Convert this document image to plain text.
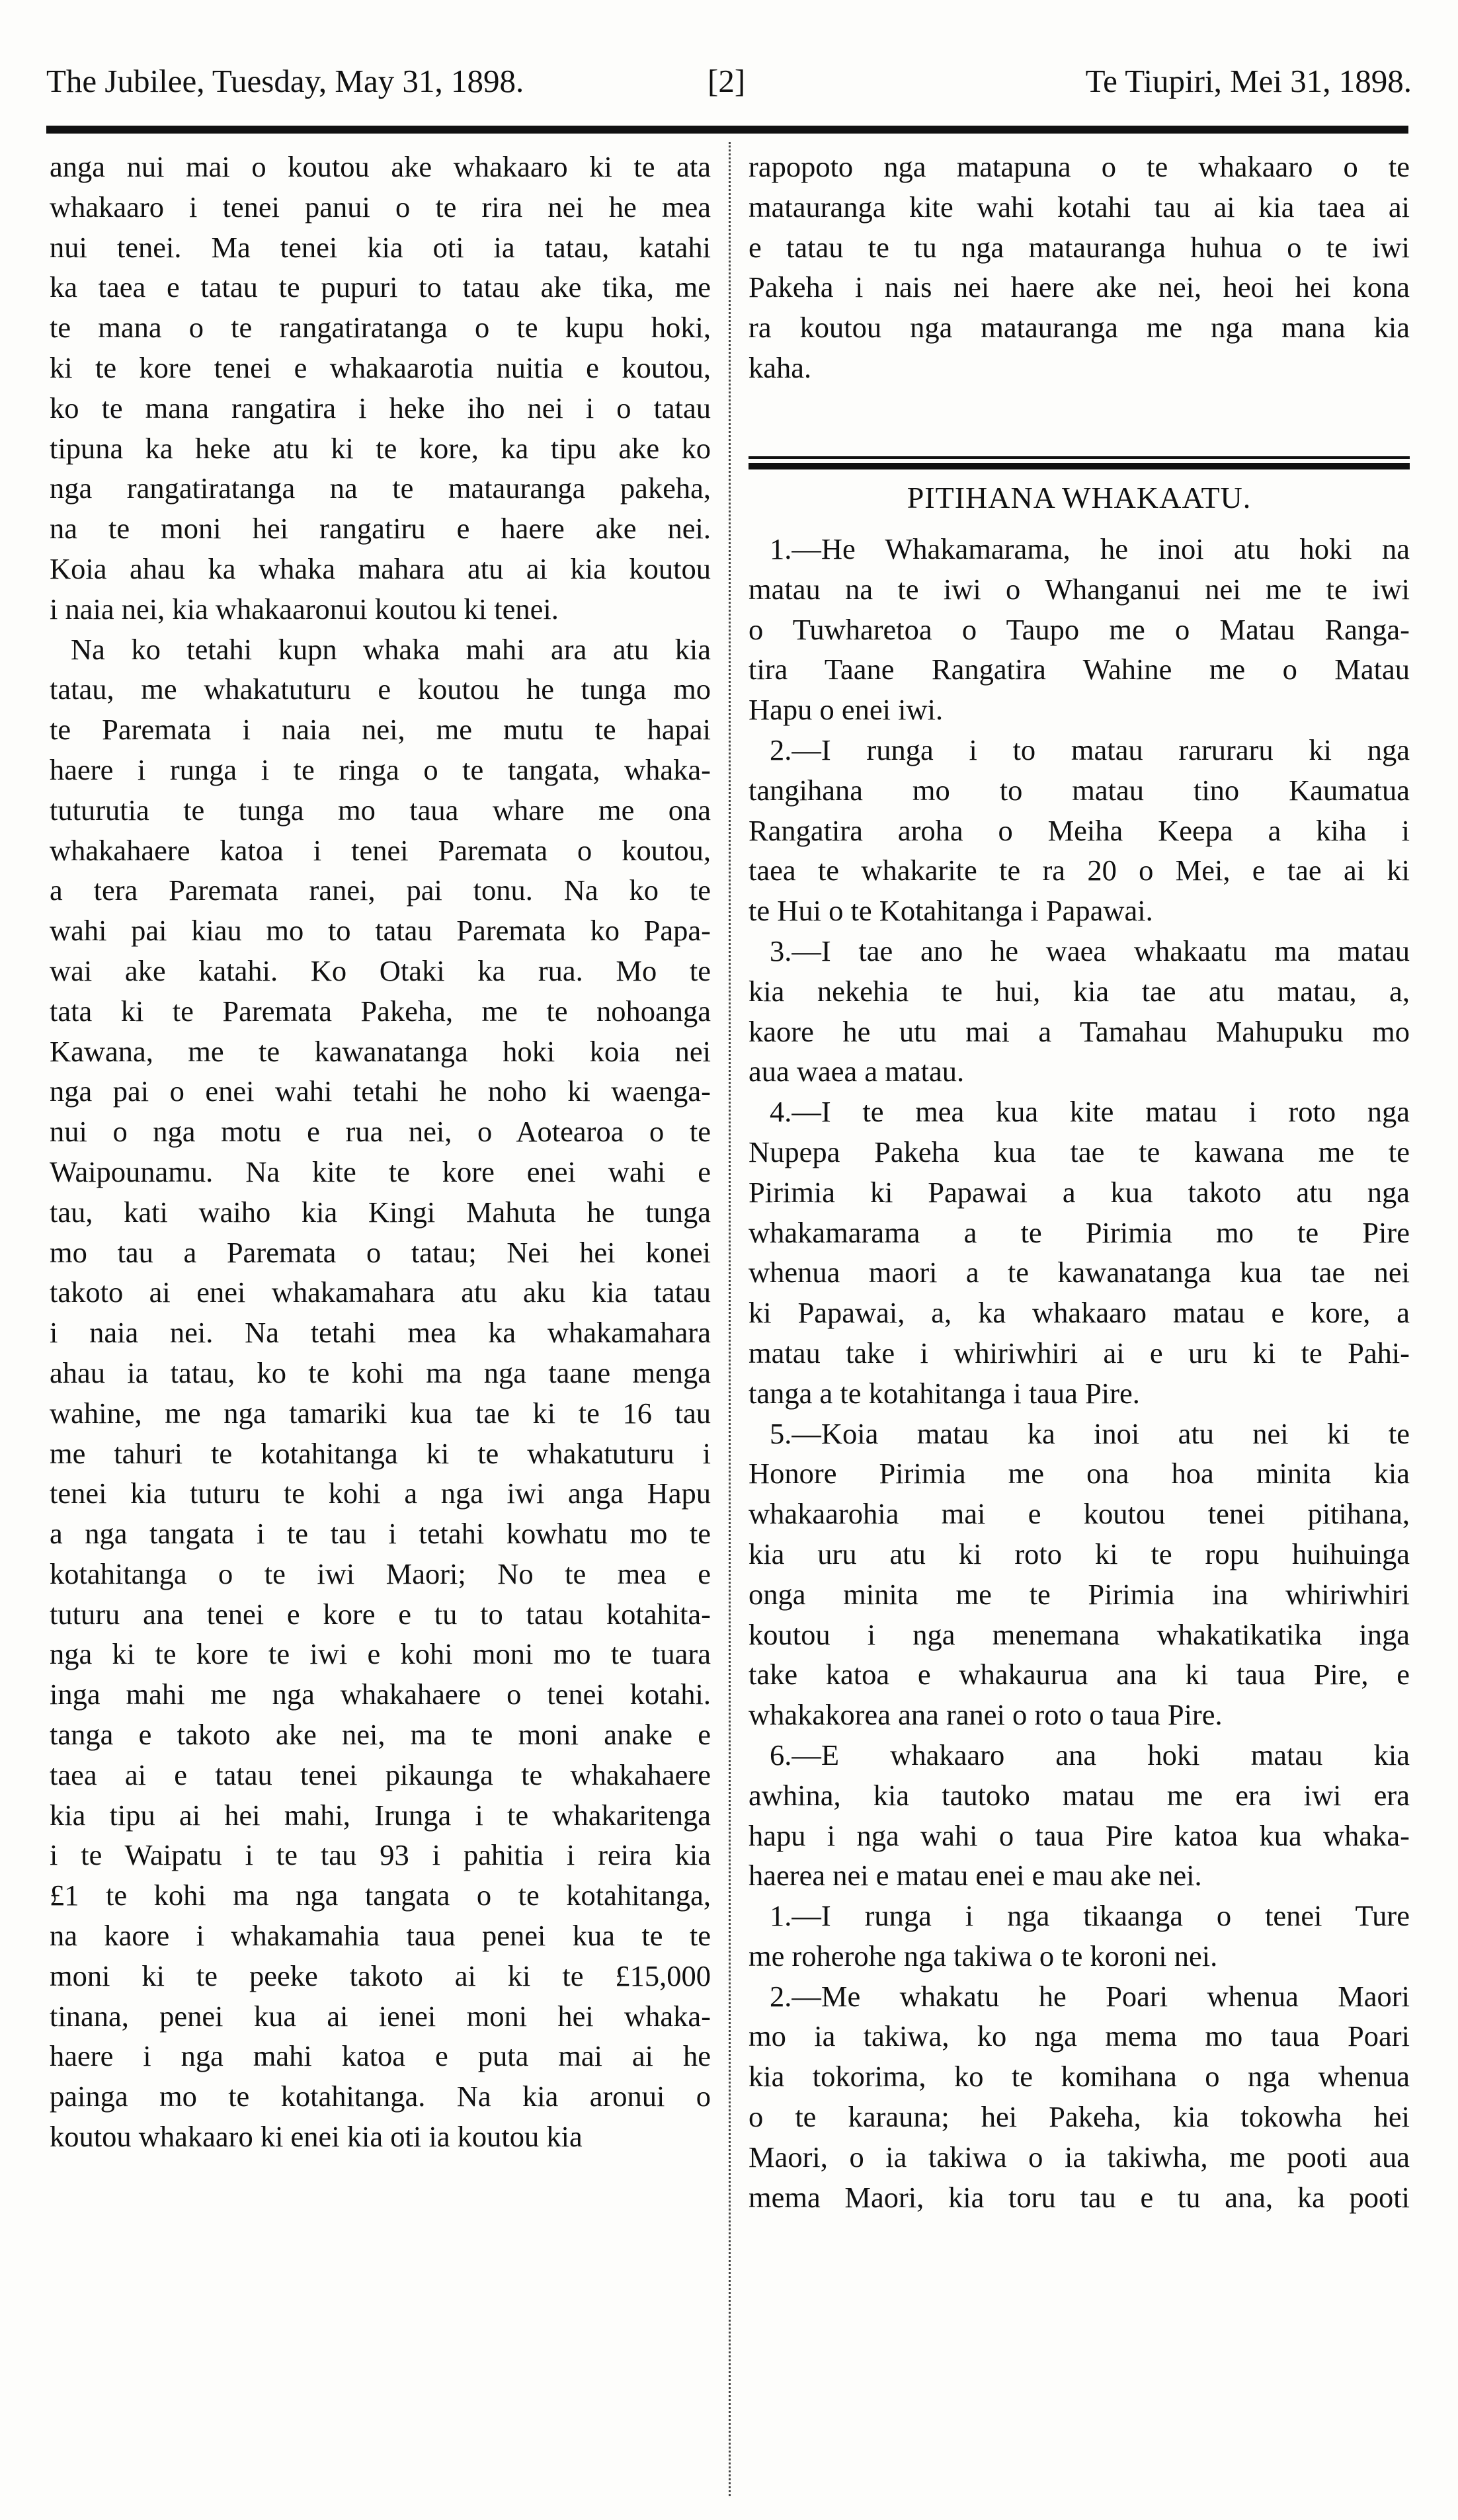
The Jubilee, Tuesday, May 31, 1898.	[2]	Te Tiupiri, Mei 31, 1898.
anga nui mai o koutou ake whakaaro ki te ata
whakaaro i tenei panui o te rira nei he mea
nui tenei. Ma tenei kia oti ia tatau, katahi
ka taea e tatau te pupuri to tatau ake tika, me
te mana o te rangatiratanga o te kupu hoki,
ki te kore tenei e whakaarotia nuitia e koutou,
ko te mana rangatira i heke iho nei i o tatau
tipuna ka heke atu ki te kore, ka tipu ake ko
nga rangatiratanga na te matauranga pakeha,
na te moni hei rangatiru e haere ake nei.
Koia ahau ka whaka mahara atu ai kia koutou
i naia nei, kia whakaaronui koutou ki tenei.
Na ko tetahi kupn whaka mahi ara atu kia
tatau, me whakatuturu e koutou he tunga mo
te Paremata i naia nei, me mutu te hapai
haere i runga i te ringa o te tangata, whaka-
tuturutia te tunga mo taua whare me ona
whakahaere katoa i tenei Paremata o koutou,
a tera Paremata ranei, pai tonu. Na ko te
wahi pai kiau mo to tatau Paremata ko Papa-
wai ake katahi. Ko Otaki ka rua. Mo te
tata ki te Paremata Pakeha, me te nohoanga
Kawana, me te kawanatanga hoki koia nei
nga pai o enei wahi tetahi he noho ki waenga-
nui o nga motu e rua nei, o Aotearoa o te
Waipounamu. Na kite te kore enei wahi e
tau, kati waiho kia Kingi Mahuta he tunga
mo tau a Paremata o tatau; Nei hei konei
takoto ai enei whakamahara atu aku kia tatau
i naia nei. Na tetahi mea ka whakamahara
ahau ia tatau, ko te kohi ma nga taane menga
wahine, me nga tamariki kua tae ki te 16 tau
me tahuri te kotahitanga ki te whakatuturu i
tenei kia tuturu te kohi a nga iwi anga Hapu
a nga tangata i te tau i tetahi kowhatu mo te
kotahitanga o te iwi Maori; No te mea e
tuturu ana tenei e kore e tu to tatau kotahita-
nga ki te kore te iwi e kohi moni mo te tuara
inga mahi me nga whakahaere o tenei kotahi.
tanga e takoto ake nei, ma te moni anake e
taea ai e tatau tenei pikaunga te whakahaere
kia tipu ai hei mahi, Irunga i te whakaritenga
i te Waipatu i te tau 93 i pahitia i reira kia
£1 te kohi ma nga tangata o te kotahitanga,
na kaore i whakamahia taua penei kua te te
moni ki te peeke takoto ai ki te £15,000
tinana, penei kua ai ienei moni hei whaka-
haere i nga mahi katoa e puta mai ai he
painga mo te kotahitanga. Na kia aronui o
koutou whakaaro ki enei kia oti ia koutou kia
rapopoto nga matapuna o te whakaaro o te
matauranga kite wahi kotahi tau ai kia taea ai
e tatau te tu nga matauranga huhua o te iwi
Pakeha i nais nei haere ake nei, heoi hei kona
ra koutou nga matauranga me nga mana kia
kaha.
PITIHANA WHAKAATU.
1.—He Whakamarama, he inoi atu hoki na
matau na te iwi o Whanganui nei me te iwi
o Tuwharetoa o Taupo me o Matau Ranga-
tira Taane Rangatira Wahine me o Matau
Hapu o enei iwi.
2.—I runga i to matau raruraru ki nga
tangihana mo to matau tino Kaumatua
Rangatira aroha o Meiha Keepa a kiha i
taea te whakarite te ra 20 o Mei, e tae ai ki
te Hui o te Kotahitanga i Papawai.
3.—I tae ano he waea whakaatu ma matau
kia nekehia te hui, kia tae atu matau, a,
kaore he utu mai a Tamahau Mahupuku mo
aua waea a matau.
4.—I te mea kua kite matau i roto nga
Nupepa Pakeha kua tae te kawana me te
Pirimia ki Papawai a kua takoto atu nga
whakamarama a te Pirimia mo te Pire
whenua maori a te kawanatanga kua tae nei
ki Papawai, a, ka whakaaro matau e kore, a
matau take i whiriwhiri ai e uru ki te Pahi-
tanga a te kotahitanga i taua Pire.
5.—Koia matau ka inoi atu nei ki te
Honore Pirimia me ona hoa minita kia
whakaarohia mai e koutou tenei pitihana,
kia uru atu ki roto ki te ropu huihuinga
onga minita me te Pirimia ina whiriwhiri
koutou i nga menemana whakatikatika inga
take katoa e whakaurua ana ki taua Pire, e
whakakorea ana ranei o roto o taua Pire.
6.—E whakaaro ana hoki matau kia
awhina, kia tautoko matau me era iwi era
hapu i nga wahi o taua Pire katoa kua whaka-
haerea nei e matau enei e mau ake nei.
1.—I runga i nga tikaanga o tenei Ture
me roherohe nga takiwa o te koroni nei.
2.—Me whakatu he Poari whenua Maori
mo ia takiwa, ko nga mema mo taua Poari
kia tokorima, ko te komihana o nga whenua
o te karauna; hei Pakeha, kia tokowha hei
Maori, o ia takiwa o ia takiwha, me pooti aua
mema Maori, kia toru tau e tu ana, ka pooti
